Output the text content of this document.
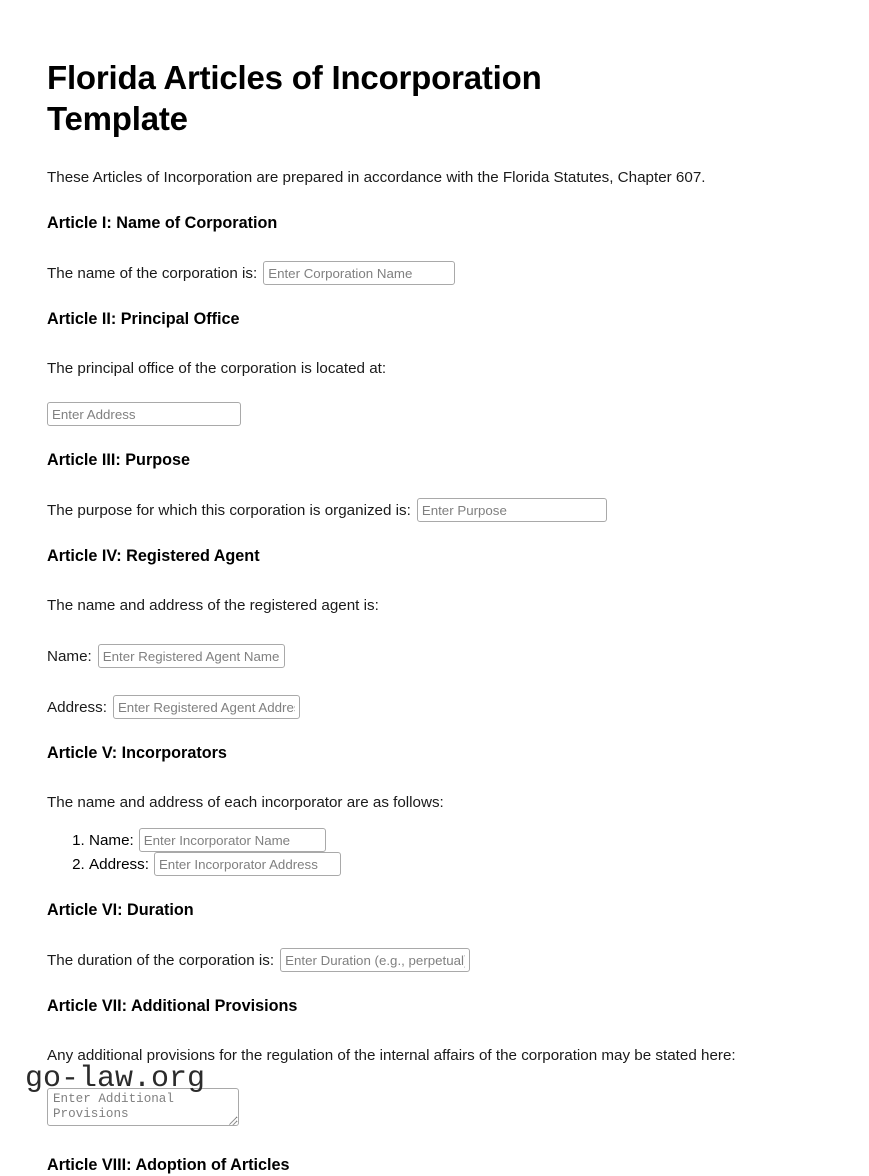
Florida Articles of Incorporation Template

These Articles of Incorporation are prepared in accordance with the Florida Statutes, Chapter 607.

Article I: Name of Corporation

The name of the corporation is:
Enter Corporation Name

Article II: Principal Office

The principal office of the corporation is located at:

Enter Address
Article III: Purpose

The purpose for which this corporation is organized is:
Enter Purpose

Article IV: Registered Agent

The name and address of the registered agent is:

Name:
Enter Registered Agent Name

Address:
Enter Registered Agent Address

Article V: Incorporators

The name and address of each incorporator are as follows:

1. Name:
Enter Incorporator Name
2. Address:
Enter Incorporator Address
Article VI: Duration

The duration of the corporation is:
Enter Duration (e.g., perpetual)

Article VII: Additional Provisions

Any additional provisions for the regulation of the internal affairs of the corporation may be stated here:

Enter Additional Provisions
Article VIII: Adoption of Articles
go-law.org
